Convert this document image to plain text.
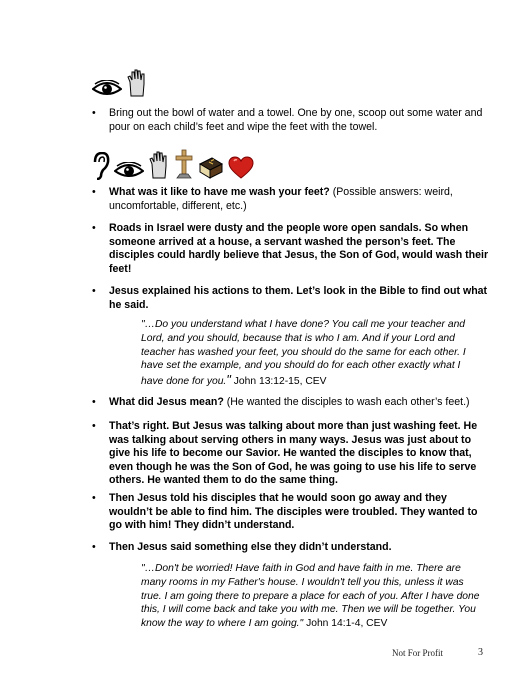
• Bring out the bowl of water and a towel. One by one, scoop out some water and pour on each child’s feet and wipe the feet with the towel.
• What was it like to have me wash your feet? (Possible answers: weird, uncomfortable, different, etc.)
• Roads in Israel were dusty and the people wore open sandals. So when someone arrived at a house, a servant washed the person’s feet. The disciples could hardly believe that Jesus, the Son of God, would wash their feet!
• Jesus explained his actions to them. Let’s look in the Bible to find out what he said.
"…Do you understand what I have done? You call me your teacher and Lord, and you should, because that is who I am. And if your Lord and teacher has washed your feet, you should do the same for each other. I have set the example, and you should do for each other exactly what I have done for you." John 13:12-15, CEV
• What did Jesus mean? (He wanted the disciples to wash each other’s feet.)
• That’s right. But Jesus was talking about more than just washing feet. He was talking about serving others in many ways. Jesus was just about to give his life to become our Savior. He wanted the disciples to know that, even though he was the Son of God, he was going to use his life to serve others. He wanted them to do the same thing.
• Then Jesus told his disciples that he would soon go away and they wouldn’t be able to find him. The disciples were troubled. They wanted to go with him! They didn’t understand.
• Then Jesus said something else they didn’t understand.
"…Don't be worried! Have faith in God and have faith in me. There are many rooms in my Father's house. I wouldn't tell you this, unless it was true. I am going there to prepare a place for each of you. After I have done this, I will come back and take you with me. Then we will be together. You know the way to where I am going." John 14:1-4, CEV
Not For Profit	3
